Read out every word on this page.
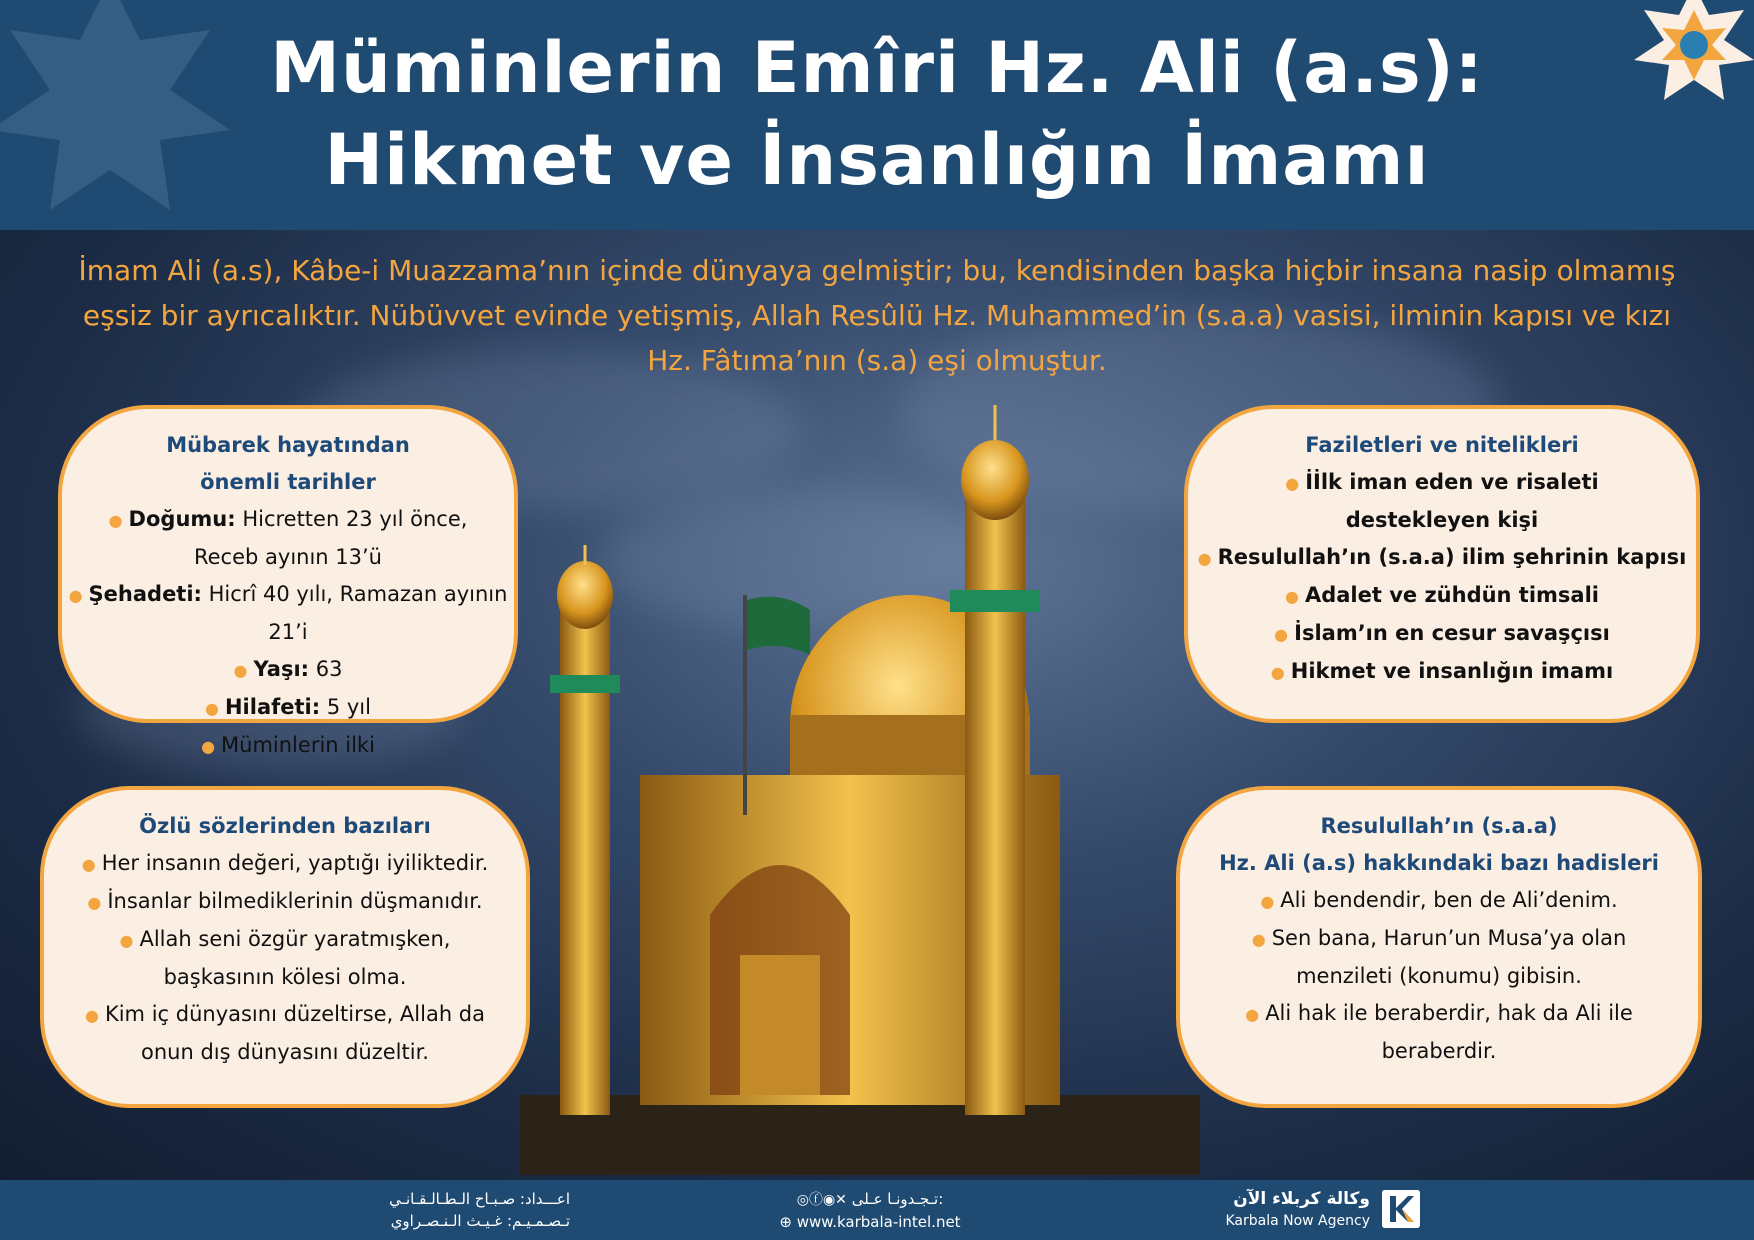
Müminlerin Emîri Hz. Ali (a.s):
Hikmet ve İnsanlığın İmamı
İmam Ali (a.s), Kâbe-i Muazzama’nın içinde dünyaya gelmiştir; bu, kendisinden başka hiçbir insana nasip olmamış eşsiz bir ayrıcalıktır. Nübüvvet evinde yetişmiş, Allah Resûlü Hz. Muhammed’in (s.a.a) vasisi, ilminin kapısı ve kızı Hz. Fâtıma’nın (s.a) eşi olmuştur.
Mübarek hayatından
önemli tarihler
● Doğumu: Hicretten 23 yıl önce,
Receb ayının 13’ü
● Şehadeti: Hicrî 40 yılı, Ramazan ayının 21’i
● Yaşı: 63
● Hilafeti: 5 yıl
● Müminlerin ilki
Faziletleri ve nitelikleri
● İİlk iman eden ve risaleti
destekleyen kişi
● Resulullah’ın (s.a.a) ilim şehrinin kapısı
● Adalet ve zühdün timsali
● İslam’ın en cesur savaşçısı
● Hikmet ve insanlığın imamı
Özlü sözlerinden bazıları
● Her insanın değeri, yaptığı iyiliktedir.
● İnsanlar bilmediklerinin düşmanıdır.
● Allah seni özgür yaratmışken,
başkasının kölesi olma.
● Kim iç dünyasını düzeltirse, Allah da
onun dış dünyasını düzeltir.
Resulullah’ın (s.a.a)
Hz. Ali (a.s) hakkındaki bazı hadisleri
● Ali bendendir, ben de Ali’denim.
● Sen bana, Harun’un Musa’ya olan
menzileti (konumu) gibisin.
● Ali hak ile beraberdir, hak da Ali ile
beraberdir.
اعـــداد: صـبـاح الـطـالـقـانـي
تـصـمـيـم: غـيـث الـنـصـراوي
◎ⓕ◉✕ تـجـدونـا عـلى:
⊕ www.karbala-intel.net
وكالة كربلاء الآن
Karbala Now Agency
